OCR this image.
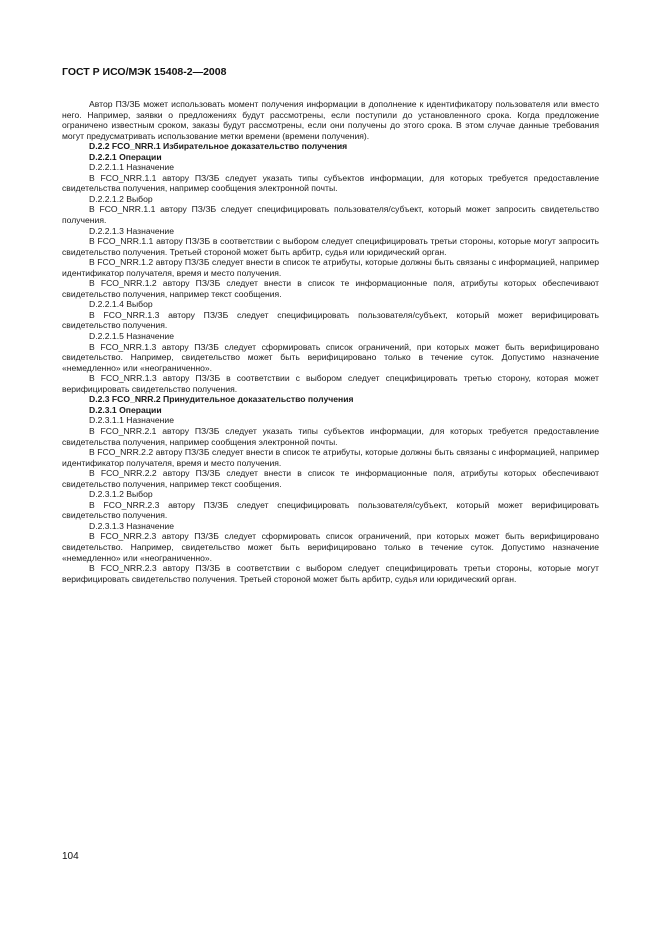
ГОСТ Р ИСО/МЭК 15408-2—2008

Автор ПЗ/ЗБ может использовать момент получения информации в дополнение к идентификатору пользователя или вместо него. Например, заявки о предложениях будут рассмотрены, если поступили до установленного срока. Когда предложение ограничено известным сроком, заказы будут рассмотрены, если они получены до этого срока. В этом случае данные требования могут предусматривать использование метки времени (времени получения).

D.2.2 FCO_NRR.1 Избирательное доказательство получения

D.2.2.1 Операции

D.2.2.1.1 Назначение

В FCO_NRR.1.1 автору ПЗ/ЗБ следует указать типы субъектов информации, для которых требуется предоставление свидетельства получения, например сообщения электронной почты.

D.2.2.1.2 Выбор

В FCO_NRR.1.1 автору ПЗ/ЗБ следует специфицировать пользователя/субъект, который может запросить свидетельство получения.

D.2.2.1.3 Назначение

В FCO_NRR.1.1 автору ПЗ/ЗБ в соответствии с выбором следует специфицировать третьи стороны, которые могут запросить свидетельство получения. Третьей стороной может быть арбитр, судья или юридический орган.

В FCO_NRR.1.2 автору ПЗ/ЗБ следует внести в список те атрибуты, которые должны быть связаны с информацией, например идентификатор получателя, время и место получения.

В FCO_NRR.1.2 автору ПЗ/ЗБ следует внести в список те информационные поля, атрибуты которых обеспечивают свидетельство получения, например текст сообщения.

D.2.2.1.4 Выбор

В FCO_NRR.1.3 автору ПЗ/ЗБ следует специфицировать пользователя/субъект, который может верифицировать свидетельство получения.

D.2.2.1.5 Назначение

В FCO_NRR.1.3 автору ПЗ/ЗБ следует сформировать список ограничений, при которых может быть верифицировано свидетельство. Например, свидетельство может быть верифицировано только в течение суток. Допустимо назначение «немедленно» или «неограниченно».

В FCO_NRR.1.3 автору ПЗ/ЗБ в соответствии с выбором следует специфицировать третью сторону, которая может верифицировать свидетельство получения.

D.2.3 FCO_NRR.2 Принудительное доказательство получения

D.2.3.1 Операции

D.2.3.1.1 Назначение

В FCO_NRR.2.1 автору ПЗ/ЗБ следует указать типы субъектов информации, для которых требуется предоставление свидетельства получения, например сообщения электронной почты.

В FCO_NRR.2.2 автору ПЗ/ЗБ следует внести в список те атрибуты, которые должны быть связаны с информацией, например идентификатор получателя, время и место получения.

В FCO_NRR.2.2 автору ПЗ/ЗБ следует внести в список те информационные поля, атрибуты которых обеспечивают свидетельство получения, например текст сообщения.

D.2.3.1.2 Выбор

В FCO_NRR.2.3 автору ПЗ/ЗБ следует специфицировать пользователя/субъект, который может верифицировать свидетельство получения.

D.2.3.1.3 Назначение

В FCO_NRR.2.3 автору ПЗ/ЗБ следует сформировать список ограничений, при которых может быть верифицировано свидетельство. Например, свидетельство может быть верифицировано только в течение суток. Допустимо назначение «немедленно» или «неограниченно».

В FCO_NRR.2.3 автору ПЗ/ЗБ в соответствии с выбором следует специфицировать третьи стороны, которые могут верифицировать свидетельство получения. Третьей стороной может быть арбитр, судья или юридический орган.

104
